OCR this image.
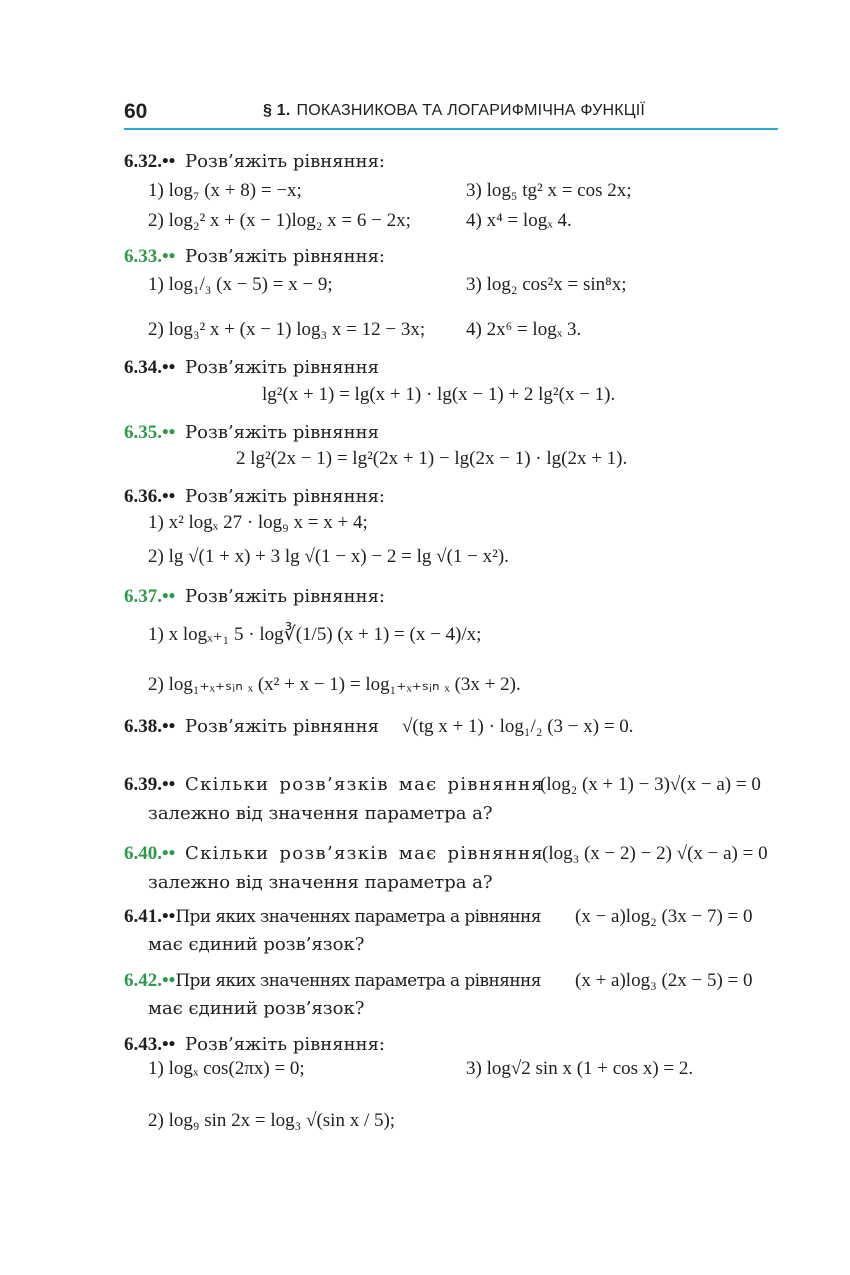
60	§ 1. ПОКАЗНИКОВА ТА ЛОГАРИФМІЧНА ФУНКЦІЇ
6.32.•• Розв’яжіть рівняння:
1) log₇ (x + 8) = −x;	3) log₅ tg² x = cos 2x;
2) log₂² x + (x − 1)log₂ x = 6 − 2x;	4) x⁴ = logₓ 4.
6.33.•• Розв’яжіть рівняння:
1) log₁/₃ (x − 5) = x − 9;	3) log₂ cos²x = sin⁸x;
2) log₃² x + (x − 1) log₃ x = 12 − 3x; 4) 2x⁶ = logₓ 3.
6.34.•• Розв’яжіть рівняння
lg²(x + 1) = lg(x + 1) · lg(x − 1) + 2 lg²(x − 1).
6.35.•• Розв’яжіть рівняння
2 lg²(2x − 1) = lg²(2x + 1) − lg(2x − 1) · lg(2x + 1).
6.36.•• Розв’яжіть рівняння:
1) x² logₓ 27 · log₉ x = x + 4;
2) lg √(1 + x) + 3 lg √(1 − x) − 2 = lg √(1 − x²).
6.37.•• Розв’яжіть рівняння:
1) x logₓ₊₁ 5 · log∛(1/5) (x + 1) = (x − 4)/x;
2) log₁₊ₓ₊ₛᵢₙ ₓ (x² + x − 1) = log₁₊ₓ₊ₛᵢₙ ₓ (3x + 2).
6.38.•• Розв’яжіть рівняння √(tg x + 1) · log₁/₂ (3 − x) = 0.
6.39.•• Скільки розв’язків має рівняння
(log₂ (x + 1) − 3)√(x − a) = 0
залежно від значення параметра a?
6.40.•• Скільки розв’язків має рівняння
(log₃ (x − 2) − 2) √(x − a) = 0
залежно від значення параметра a?
6.41.••При яких значеннях параметра a рівняння (x − a)log₂ (3x − 7) = 0
має єдиний розв’язок?
6.42.••При яких значеннях параметра a рівняння (x + a)log₃ (2x − 5) = 0
має єдиний розв’язок?
6.43.•• Розв’яжіть рівняння:
1) logₓ cos(2πx) = 0;	3) log√2 sin x (1 + cos x) = 2.
2) log₉ sin 2x = log₃ √(sin x / 5);
